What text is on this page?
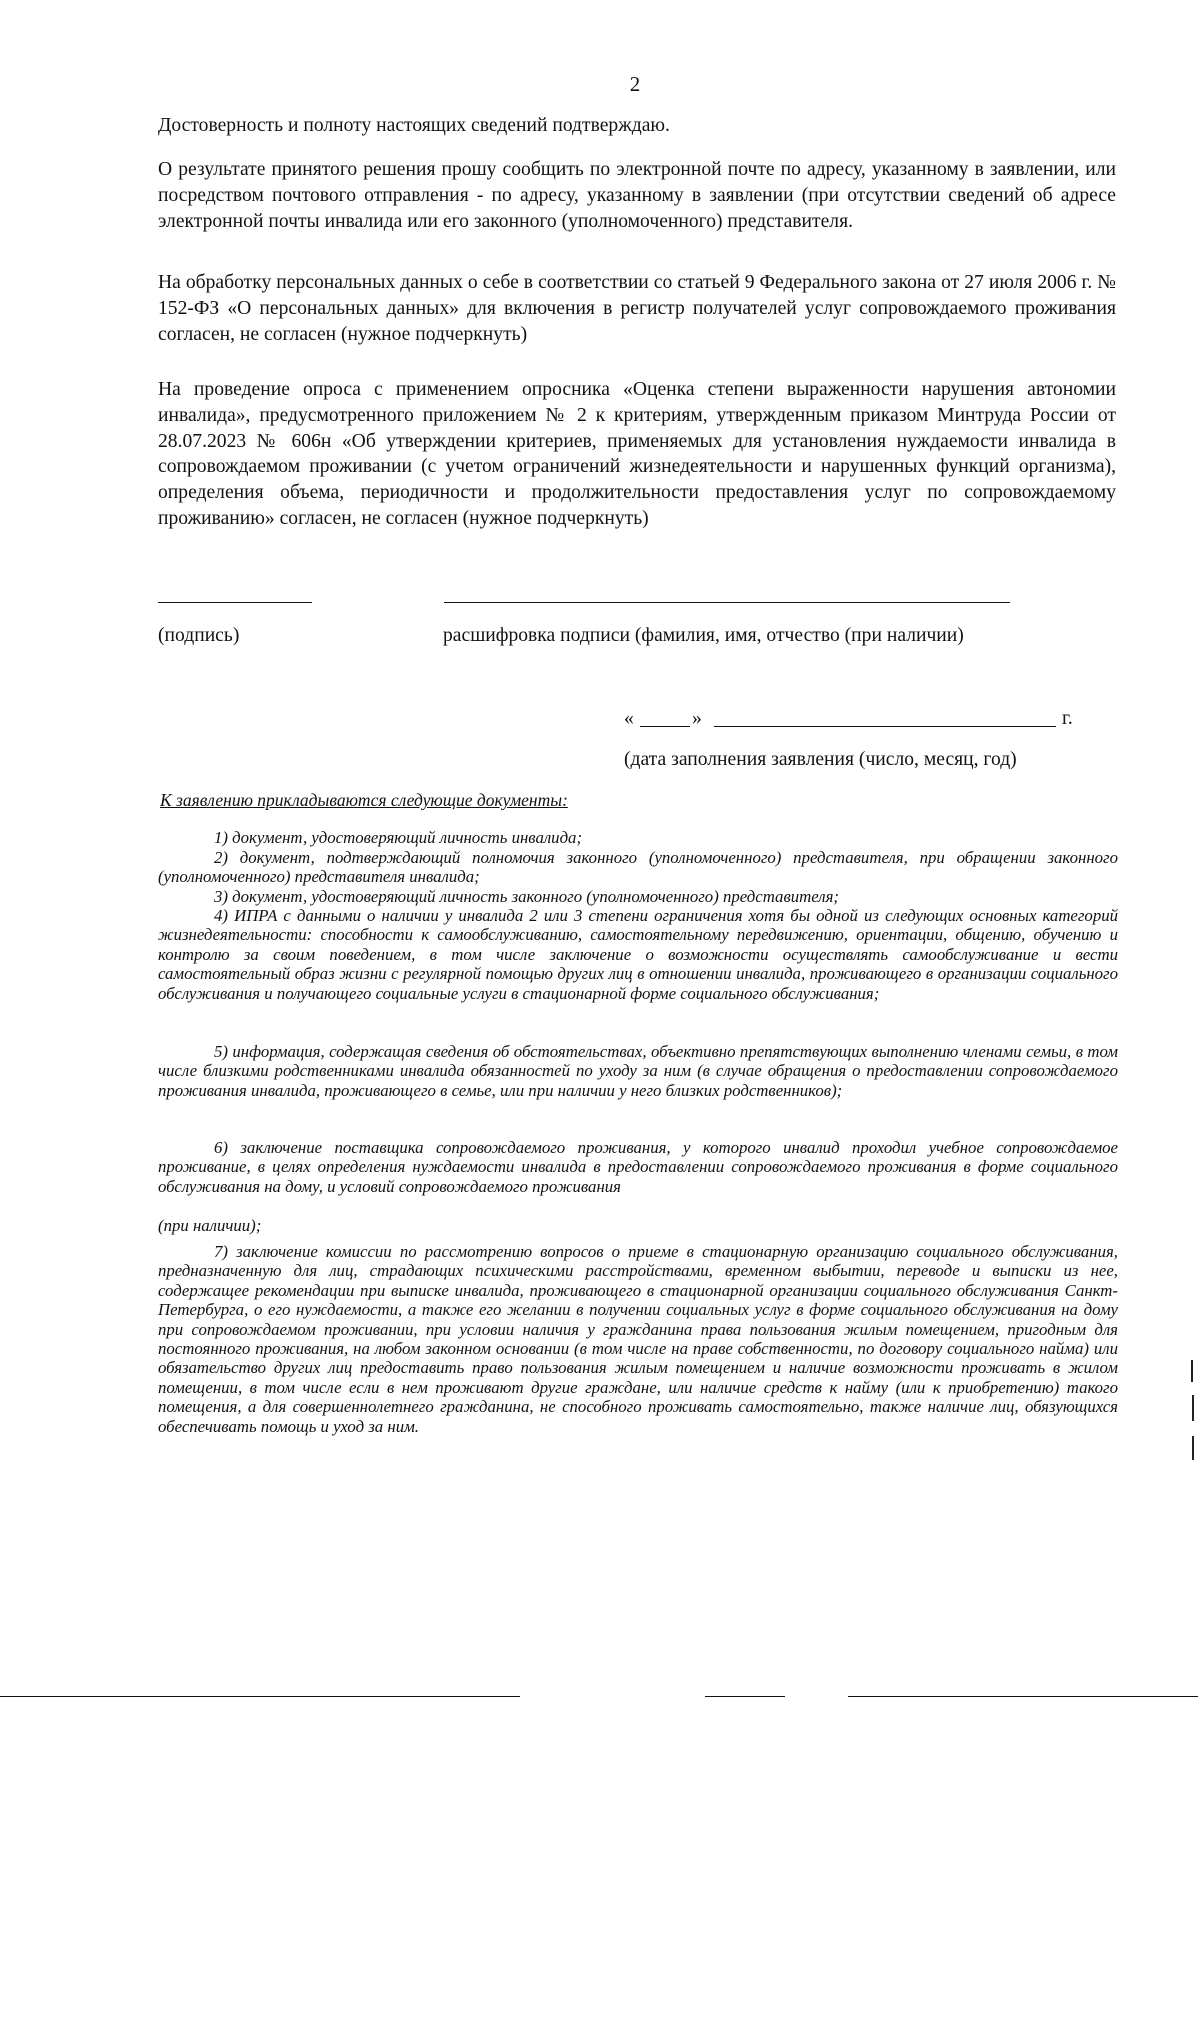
2

Достоверность и полноту настоящих сведений подтверждаю.

О результате принятого решения прошу сообщить по электронной почте по адресу, указанному в заявлении, или посредством почтового отправления - по адресу, указанному в заявлении (при отсутствии сведений об адресе электронной почты инвалида или его законного (уполномоченного) представителя.

На обработку персональных данных о себе в соответствии со статьей 9 Федерального закона от 27 июля 2006 г. № 152-ФЗ «О персональных данных» для включения в регистр получателей услуг сопровождаемого проживания согласен, не согласен (нужное подчеркнуть)

На проведение опроса с применением опросника «Оценка степени выраженности нарушения автономии инвалида», предусмотренного приложением № 2 к критериям, утвержденным приказом Минтруда России от 28.07.2023 № 606н «Об утверждении критериев, применяемых для установления нуждаемости инвалида в сопровождаемом проживании (с учетом ограничений жизнедеятельности и нарушенных функций организма), определения объема, периодичности и продолжительности предоставления услуг по сопровождаемому проживанию» согласен, не согласен (нужное подчеркнуть)

(подпись)	расшифровка подписи (фамилия, имя, отчество (при наличии)
«	»	г.
(дата заполнения заявления (число, месяц, год)
К заявлению прикладываются следующие документы:

1) документ, удостоверяющий личность инвалида;

2) документ, подтверждающий полномочия законного (уполномоченного) представителя, при обращении законного (уполномоченного) представителя инвалида;

3) документ, удостоверяющий личность законного (уполномоченного) представителя;

4) ИПРА с данными о наличии у инвалида 2 или 3 степени ограничения хотя бы одной из следующих основных категорий жизнедеятельности: способности к самообслуживанию, самостоятельному передвижению, ориентации, общению, обучению и контролю за своим поведением, в том числе заключение о возможности осуществлять самообслуживание и вести самостоятельный образ жизни с регулярной помощью других лиц в отношении инвалида, проживающего в организации социального обслуживания и получающего социальные услуги в стационарной форме социального обслуживания;

5) информация, содержащая сведения об обстоятельствах, объективно препятствующих выполнению членами семьи, в том числе близкими родственниками инвалида обязанностей по уходу за ним (в случае обращения о предоставлении сопровождаемого проживания инвалида, проживающего в семье, или при наличии у него близких родственников);

6) заключение поставщика сопровождаемого проживания, у которого инвалид проходил учебное сопровождаемое проживание, в целях определения нуждаемости инвалида в предоставлении сопровождаемого проживания в форме социального обслуживания на дому, и условий сопровождаемого проживания

(при наличии);

7) заключение комиссии по рассмотрению вопросов о приеме в стационарную организацию социального обслуживания, предназначенную для лиц, страдающих психическими расстройствами, временном выбытии, переводе и выписки из нее, содержащее рекомендации при выписке инвалида, проживающего в стационарной организации социального обслуживания Санкт-Петербурга, о его нуждаемости, а также его желании в получении социальных услуг в форме социального обслуживания на дому при сопровождаемом проживании, при условии наличия у гражданина права пользования жилым помещением, пригодным для постоянного проживания, на любом законном основании (в том числе на праве собственности, по договору социального найма) или обязательство других лиц предоставить право пользования жилым помещением и наличие возможности проживать в жилом помещении, в том числе если в нем проживают другие граждане, или наличие средств к найму (или к приобретению) такого помещения, а для совершеннолетнего гражданина, не способного проживать самостоятельно, также наличие лиц, обязующихся обеспечивать помощь и уход за ним.
